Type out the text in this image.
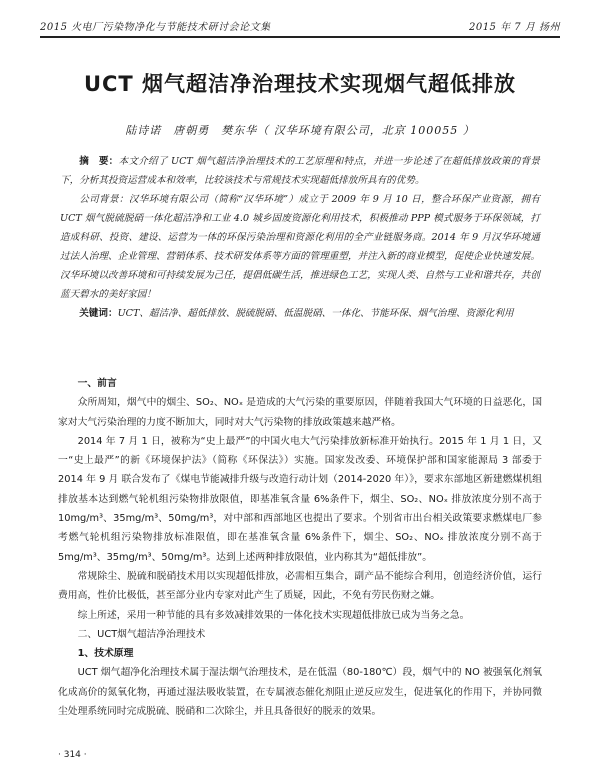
2015 火电厂污染物净化与节能技术研讨会论文集	2015 年 7 月 扬州
UCT 烟气超洁净治理技术实现烟气超低排放
陆诗诺　唐朝勇　樊东华（ 汉华环境有限公司，北京 100055 ）

摘　要：本文介绍了 UCT 烟气超洁净治理技术的工艺原理和特点，并进一步论述了在超低排放政策的背景下，分析其投资运营成本和效率，比较该技术与常规技术实现超低排放所具有的优势。

公司背景：汉华环境有限公司（简称“汉华环境”）成立于 2009 年 9 月 10 日，整合环保产业资源，拥有 UCT 烟气脱硫脱硝一体化超洁净和工业 4.0 城乡固废资源化利用技术，积极推动 PPP 模式服务于环保领域，打造成科研、投资、建设、运营为一体的环保污染治理和资源化利用的全产业链服务商。2014 年 9 月汉华环境通过法人治理、企业管理、营销体系、技术研发体系等方面的管理重塑，并注入新的商业模型，促使企业快速发展。汉华环境以改善环境和可持续发展为己任，提倡低碳生活，推进绿色工艺，实现人类、自然与工业和谐共存，共创蓝天碧水的美好家园！

关键词：UCT、超洁净、超低排放、脱硫脱硝、低温脱硝、一体化、节能环保、烟气治理、资源化利用

一、前言

众所周知，烟气中的烟尘、SO₂、NOₓ 是造成的大气污染的重要原因，伴随着我国大气环境的日益恶化，国家对大气污染治理的力度不断加大，同时对大气污染物的排放政策越来越严格。

2014 年 7 月 1 日，被称为“史上最严”的中国火电大气污染排放新标准开始执行。2015 年 1 月 1 日，又一“史上最严”的新《环境保护法》（简称《环保法》）实施。国家发改委、环境保护部和国家能源局 3 部委于 2014 年 9 月 联合发布了《煤电节能减排升级与改造行动计划（2014-2020 年）》，要求东部地区新建燃煤机组排放基本达到燃气轮机组污染物排放限值，即基准氧含量 6%条件下，烟尘、SO₂、NOₓ 排放浓度分别不高于 10mg/m³、35mg/m³、50mg/m³，对中部和西部地区也提出了要求。个别省市出台相关政策要求燃煤电厂参考燃气轮机组污染物排放标准限值，即在基准氧含量 6%条件下，烟尘、SO₂、NOₓ 排放浓度分别不高于 5mg/m³、35mg/m³、50mg/m³。达到上述两种排放限值，业内称其为“超低排放”。

常规除尘、脱硫和脱硝技术用以实现超低排放，必需相互集合，副产品不能综合利用，创造经济价值，运行费用高，性价比极低，甚至部分业内专家对此产生了质疑，因此，不免有劳民伤财之嫌。

综上所述，采用一种节能的具有多效减排效果的一体化技术实现超低排放已成为当务之急。

二、UCT烟气超洁净治理技术

1、技术原理

UCT 烟气超净化治理技术属于湿法烟气治理技术，是在低温（80-180℃）段，烟气中的 NO 被强氧化剂氧化成高价的氮氧化物，再通过湿法吸收装置，在专属液态催化剂阻止逆反应发生，促进氧化的作用下，并协同微尘处理系统同时完成脱硫、脱硝和二次除尘，并且具备很好的脱汞的效果。

· 314 ·
